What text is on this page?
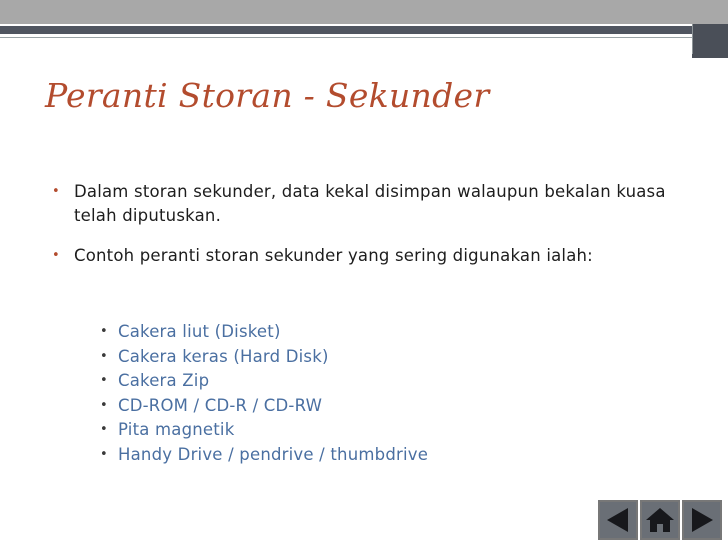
Peranti Storan - Sekunder
• Dalam storan sekunder, data kekal disimpan walaupun bekalan kuasa telah diputuskan.
• Contoh peranti storan sekunder yang sering digunakan ialah:
• Cakera liut (Disket)
• Cakera keras (Hard Disk)
• Cakera Zip
• CD-ROM / CD-R / CD-RW
• Pita magnetik
• Handy Drive / pendrive / thumbdrive
